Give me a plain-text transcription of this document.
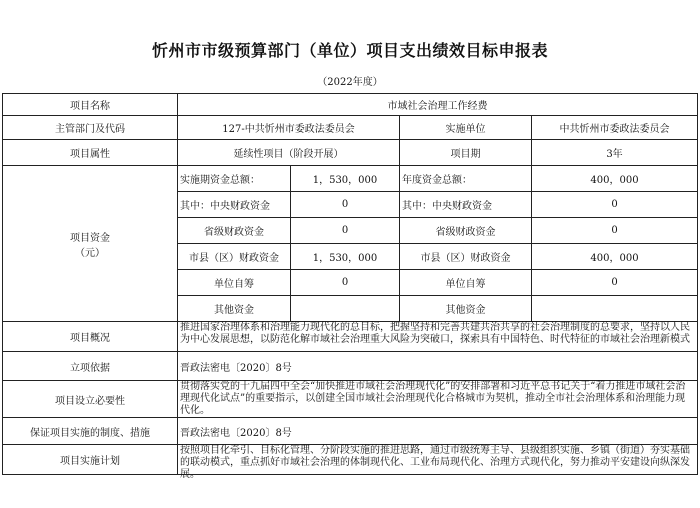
忻州市市级预算部门（单位）项目支出绩效目标申报表
（2022年度）
项目名称	市域社会治理工作经费			
主管部门及代码	127-中共忻州市委政法委员会		实施单位	中共忻州市委政法委员会
项目属性	延续性项目（阶段开展）		项目期	3年

项目资金
（元）	实施期资金总额：	1，530，000	年度资金总额：	400，000
	其中：中央财政资金	0	其中：中央财政资金	0
	省级财政资金	0	省级财政资金	0
	市县（区）财政资金	1，530，000	市县（区）财政资金	400，000
	单位自筹	0	单位自筹	0
	其他资金		其他资金	
项目概况	推进国家治理体系和治理能力现代化的总目标，把握坚持和完善共建共治共享的社会治理制度的总要求，坚持以人民为中心发展思想，以防范化解市域社会治理重大风险为突破口，探索具有中国特色、时代特征的市域社会治理新模式			

立项依据	晋政法密电〔2020〕8号			
项目设立必要性	贯彻落实党的十九届四中全会“加快推进市域社会治理现代化”的安排部署和习近平总书记关于“着力推进市域社会治理现代化试点”的重要指示，以创建全国市域社会治理现代化合格城市为契机，推动全市社会治理体系和治理能力现代化。			

保证项目实施的制度、措施	晋政法密电〔2020〕8号			
项目实施计划	按照项目化牵引、目标化管理、分阶段实施的推进思路，通过市级统筹主导、县级组织实施、乡镇（街道）夯实基础的联动模式，重点抓好市域社会治理的体制现代化、工业布局现代化、治理方式现代化，努力推动平安建设向纵深发展。			
